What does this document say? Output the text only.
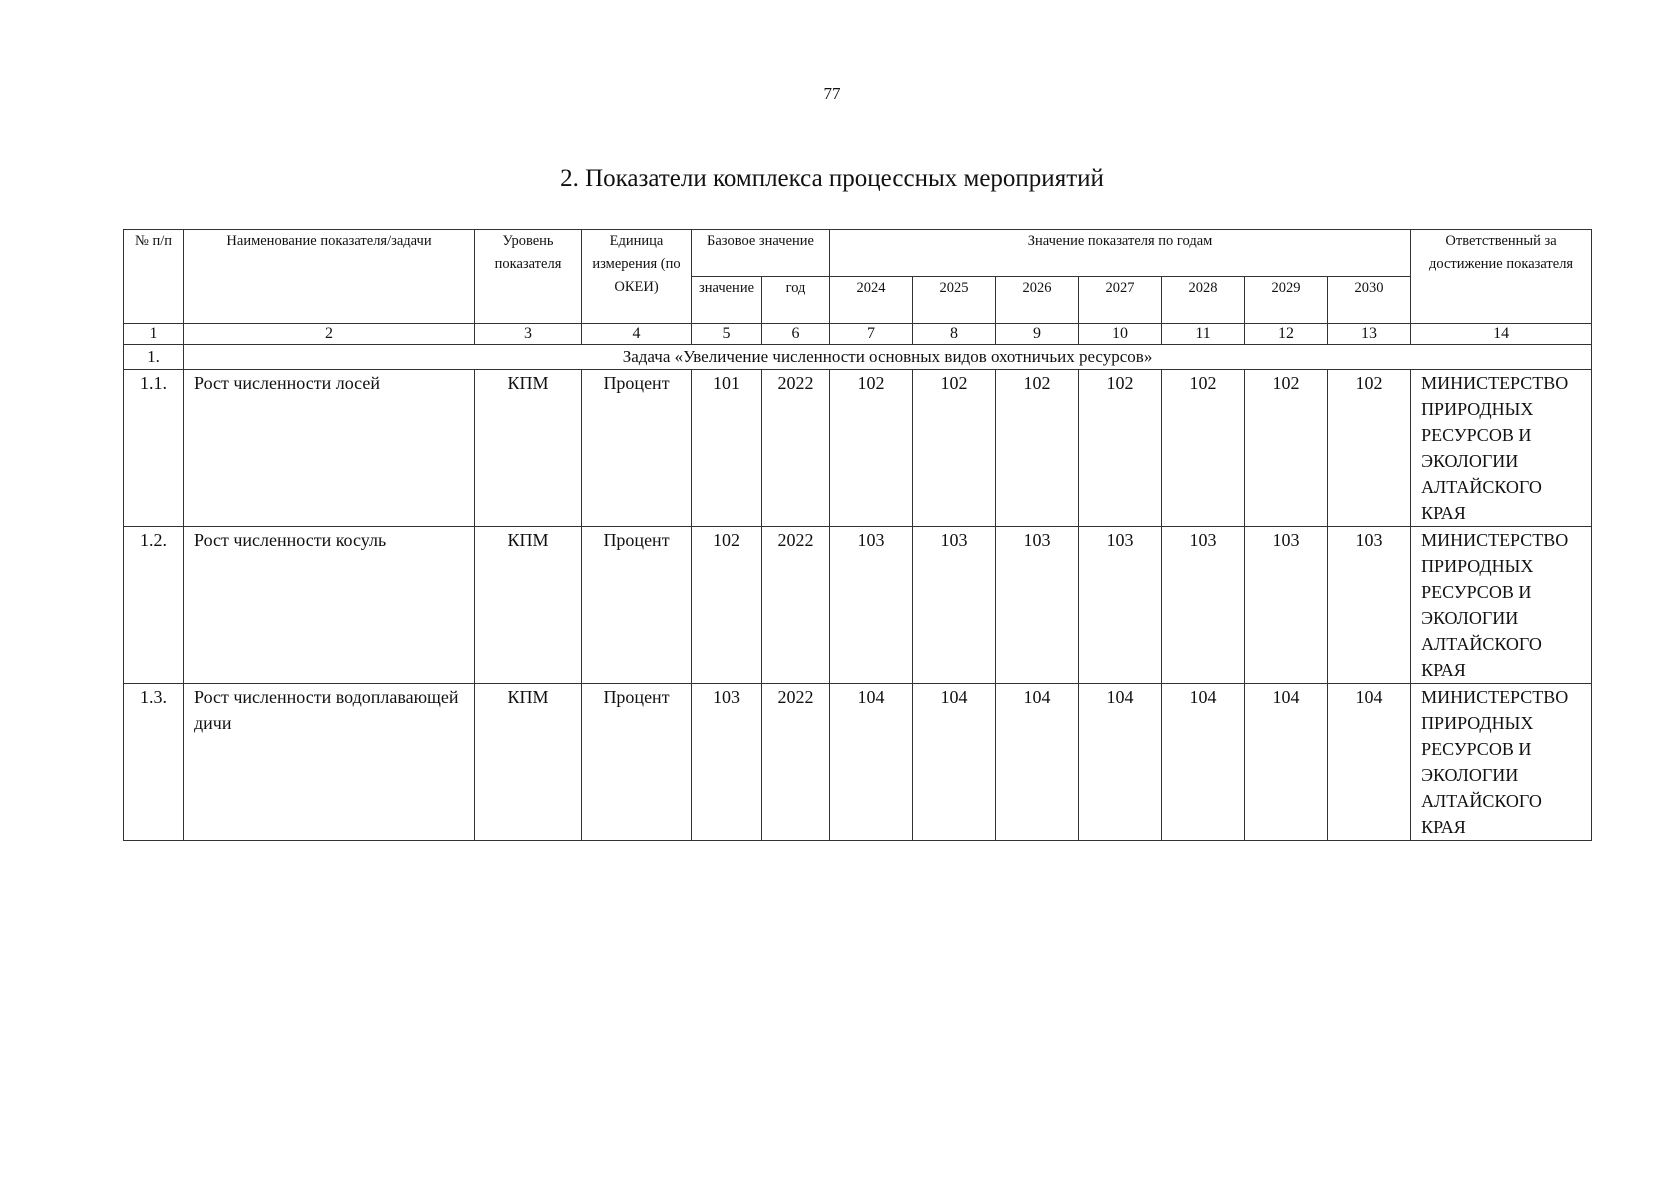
77
2. Показатели комплекса процессных мероприятий
№ п/п	Наименование показателя/задачи	Уровень показателя	Единица измерения (по ОКЕИ)	Базовое значение		Значение показателя по годам							Ответственный за достижение показателя
				значение	год	2024	2025	2026	2027	2028	2029	2030	
1	2	3	4	5	6	7	8	9	10	11	12	13	14
1.	Задача «Увеличение численности основных видов охотничьих ресурсов»												
1.1.	Рост численности лосей	КПМ	Процент	101	2022	102	102	102	102	102	102	102	МИНИСТЕРСТВО ПРИРОДНЫХ РЕСУРСОВ И ЭКОЛОГИИ АЛТАЙСКОГО КРАЯ
1.2.	Рост численности косуль	КПМ	Процент	102	2022	103	103	103	103	103	103	103	МИНИСТЕРСТВО ПРИРОДНЫХ РЕСУРСОВ И ЭКОЛОГИИ АЛТАЙСКОГО КРАЯ
1.3.	Рост численности водоплавающей дичи	КПМ	Процент	103	2022	104	104	104	104	104	104	104	МИНИСТЕРСТВО ПРИРОДНЫХ РЕСУРСОВ И ЭКОЛОГИИ АЛТАЙСКОГО КРАЯ
